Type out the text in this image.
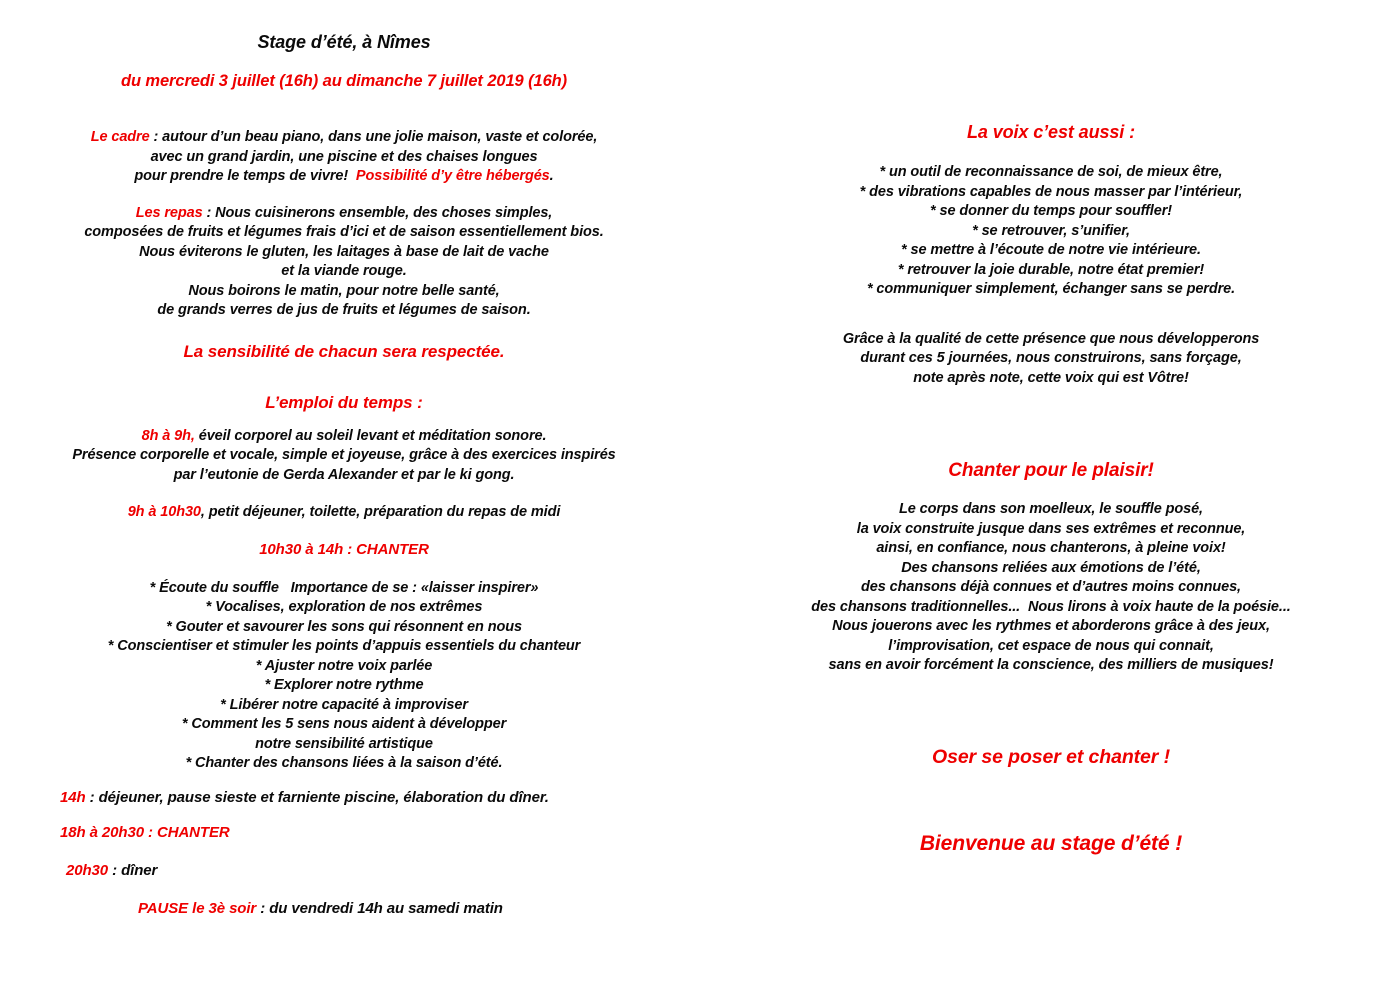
Stage d’été, à Nîmes
du mercredi 3 juillet (16h) au dimanche 7 juillet 2019 (16h)
Le cadre : autour d’un beau piano, dans une jolie maison, vaste et colorée,
avec un grand jardin, une piscine et des chaises longues
pour prendre le temps de vivre!  Possibilité d’y être hébergés.
Les repas : Nous cuisinerons ensemble, des choses simples,
composées de fruits et légumes frais d’ici et de saison essentiellement bios.
Nous éviterons le gluten, les laitages à base de lait de vache
et la viande rouge.
Nous boirons le matin, pour notre belle santé,
de grands verres de jus de fruits et légumes de saison.
La sensibilité de chacun sera respectée.
L’emploi du temps :
8h à 9h, éveil corporel au soleil levant et méditation sonore.
Présence corporelle et vocale, simple et joyeuse, grâce à des exercices inspirés
par l’eutonie de Gerda Alexander et par le ki gong.
9h à 10h30, petit déjeuner, toilette, préparation du repas de midi
10h30 à 14h : CHANTER
* Écoute du souffle   Importance de se : «laisser inspirer»
* Vocalises, exploration de nos extrêmes
* Gouter et savourer les sons qui résonnent en nous
* Conscientiser et stimuler les points d’appuis essentiels du chanteur
* Ajuster notre voix parlée
* Explorer notre rythme
* Libérer notre capacité à improviser
* Comment les 5 sens nous aident à développer
notre sensibilité artistique
* Chanter des chansons liées à la saison d’été.
14h : déjeuner, pause sieste et farniente piscine, élaboration du dîner.
18h à 20h30 : CHANTER
20h30 : dîner
PAUSE le 3è soir : du vendredi 14h au samedi matin
La voix c’est aussi :
* un outil de reconnaissance de soi, de mieux être,
* des vibrations capables de nous masser par l’intérieur,
* se donner du temps pour souffler!
* se retrouver, s’unifier,
* se mettre à l’écoute de notre vie intérieure.
* retrouver la joie durable, notre état premier!
* communiquer simplement, échanger sans se perdre.
Grâce à la qualité de cette présence que nous développerons
durant ces 5 journées, nous construirons, sans forçage,
note après note, cette voix qui est Vôtre!
Chanter pour le plaisir!
Le corps dans son moelleux, le souffle posé,
la voix construite jusque dans ses extrêmes et reconnue,
ainsi, en confiance, nous chanterons, à pleine voix!
Des chansons reliées aux émotions de l’été,
des chansons déjà connues et d’autres moins connues,
des chansons traditionnelles...  Nous lirons à voix haute de la poésie...
Nous jouerons avec les rythmes et aborderons grâce à des jeux,
l’improvisation, cet espace de nous qui connait,
sans en avoir forcément la conscience, des milliers de musiques!
Oser se poser et chanter !
Bienvenue au stage d’été !
